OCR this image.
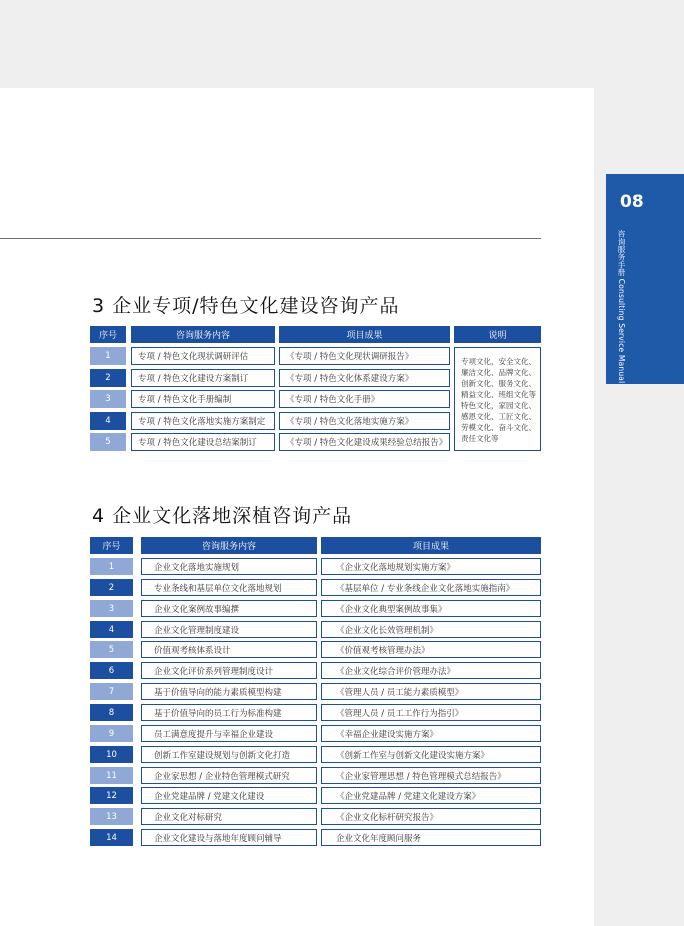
08
咨询服务手册 Consulting Service Manual
3 企业专项/特色文化建设咨询产品
序号	咨询服务内容	项目成果	说明
1	专项 / 特色文化现状调研评估	《专项 / 特色文化现状调研报告》
2	专项 / 特色文化建设方案制订	《专项 / 特色文化体系建设方案》
3	专项 / 特色文化手册编制	《专项 / 特色文化手册》
4	专项 / 特色文化落地实施方案制定	《专项 / 特色文化落地实施方案》
5	专项 / 特色文化建设总结案制订	《专项 / 特色文化建设成果经验总结报告》
专项文化，安全文化、
廉洁文化、品牌文化、
创新文化、服务文化、
精益文化、班组文化等
特色文化，家园文化、
感恩文化、工匠文化、
劳模文化、奋斗文化、
责任文化等
4 企业文化落地深植咨询产品
序号	咨询服务内容	项目成果
1	企业文化落地实施规划	《企业文化落地规划实施方案》
2	专业条线和基层单位文化落地规划	《基层单位 / 专业条线企业文化落地实施指南》
3	企业文化案例故事编撰	《企业文化典型案例故事集》
4	企业文化管理制度建设	《企业文化长效管理机制》
5	价值观考核体系设计	《价值观考核管理办法》
6	企业文化评价系列管理制度设计	《企业文化综合评价管理办法》
7	基于价值导向的能力素质模型构建	《管理人员 / 员工能力素质模型》
8	基于价值导向的员工行为标准构建	《管理人员 / 员工工作行为指引》
9	员工满意度提升与幸福企业建设	《幸福企业建设实施方案》
10	创新工作室建设规划与创新文化打造	《创新工作室与创新文化建设实施方案》
11	企业家思想 / 企业特色管理模式研究	《企业家管理思想 / 特色管理模式总结报告》
12	企业党建品牌 / 党建文化建设	《企业党建品牌 / 党建文化建设方案》
13	企业文化对标研究	《企业文化标杆研究报告》
14	企业文化建设与落地年度顾问辅导	企业文化年度顾问服务
